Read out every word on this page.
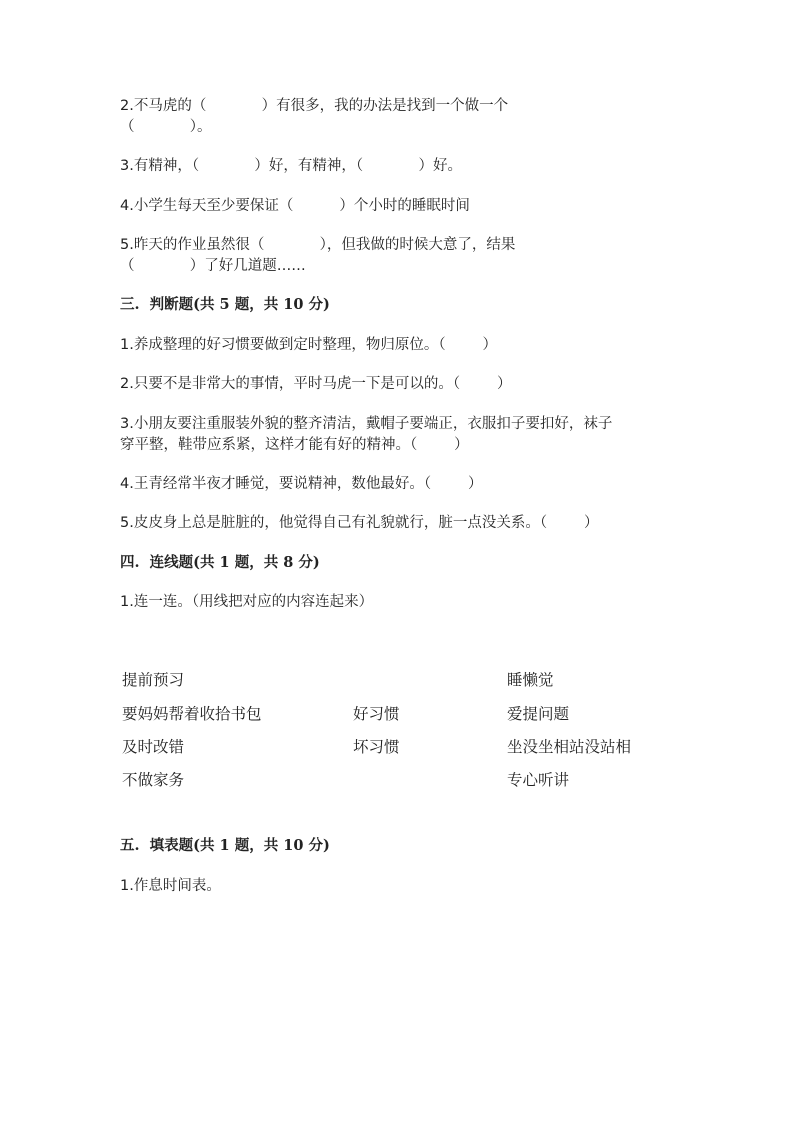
2.不马虎的（            ）有很多，我的办法是找到一个做一个
（            ）。
3.有精神，（            ）好，有精神，（            ）好。
4.小学生每天至少要保证（          ）个小时的睡眠时间
5.昨天的作业虽然很（            ），但我做的时候大意了，结果
（            ）了好几道题……
三.  判断题(共 5 题，共 10 分)
1.养成整理的好习惯要做到定时整理，物归原位。（        ）
2.只要不是非常大的事情，平时马虎一下是可以的。（        ）
3.小朋友要注重服装外貌的整齐清洁，戴帽子要端正，衣服扣子要扣好，袜子
穿平整，鞋带应系紧，这样才能有好的精神。（        ）
4.王青经常半夜才睡觉，要说精神，数他最好。（        ）
5.皮皮身上总是脏脏的，他觉得自己有礼貌就行，脏一点没关系。（        ）
四.  连线题(共 1 题，共 8 分)
1.连一连。（用线把对应的内容连起来）
提前预习
要妈妈帮着收拾书包
及时改错
不做家务
好习惯
坏习惯
睡懒觉
爱提问题
坐没坐相站没站相
专心听讲
五.  填表题(共 1 题，共 10 分)
1.作息时间表。
